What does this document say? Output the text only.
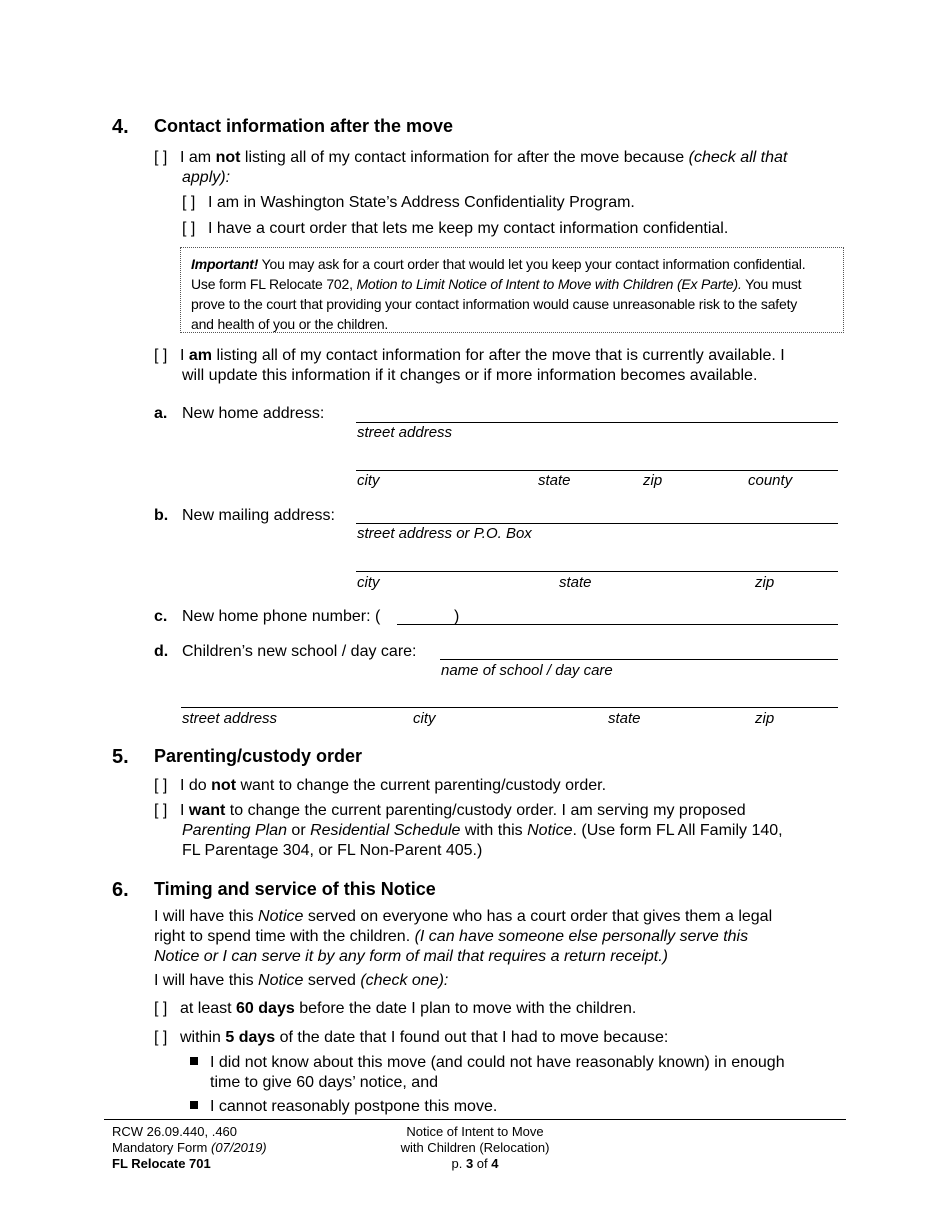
4. Contact information after the move
[ ] I am not listing all of my contact information for after the move because (check all that
apply):
[ ] I am in Washington State’s Address Confidentiality Program.
[ ] I have a court order that lets me keep my contact information confidential.
Important! You may ask for a court order that would let you keep your contact information confidential.
Use form FL Relocate 702, Motion to Limit Notice of Intent to Move with Children (Ex Parte). You must
prove to the court that providing your contact information would cause unreasonable risk to the safety
and health of you or the children.
[ ] I am listing all of my contact information for after the move that is currently available. I
will update this information if it changes or if more information becomes available.
a. New home address:
street address
city	state	zip	county
b. New mailing address:
street address or P.O. Box
city	state	zip
c. New home phone number: (	)
d. Children’s new school / day care:
name of school / day care
street address	city	state	zip
5. Parenting/custody order
[ ] I do not want to change the current parenting/custody order.
[ ] I want to change the current parenting/custody order. I am serving my proposed
Parenting Plan or Residential Schedule with this Notice. (Use form FL All Family 140,
FL Parentage 304, or FL Non-Parent 405.)
6. Timing and service of this Notice
I will have this Notice served on everyone who has a court order that gives them a legal
right to spend time with the children. (I can have someone else personally serve this
Notice or I can serve it by any form of mail that requires a return receipt.)
I will have this Notice served (check one):
[ ] at least 60 days before the date I plan to move with the children.
[ ] within 5 days of the date that I found out that I had to move because:
I did not know about this move (and could not have reasonably known) in enough
time to give 60 days’ notice, and
I cannot reasonably postpone this move.
RCW 26.09.440, .460
Mandatory Form (07/2019)
FL Relocate 701
Notice of Intent to Move
with Children (Relocation)
p. 3 of 4
